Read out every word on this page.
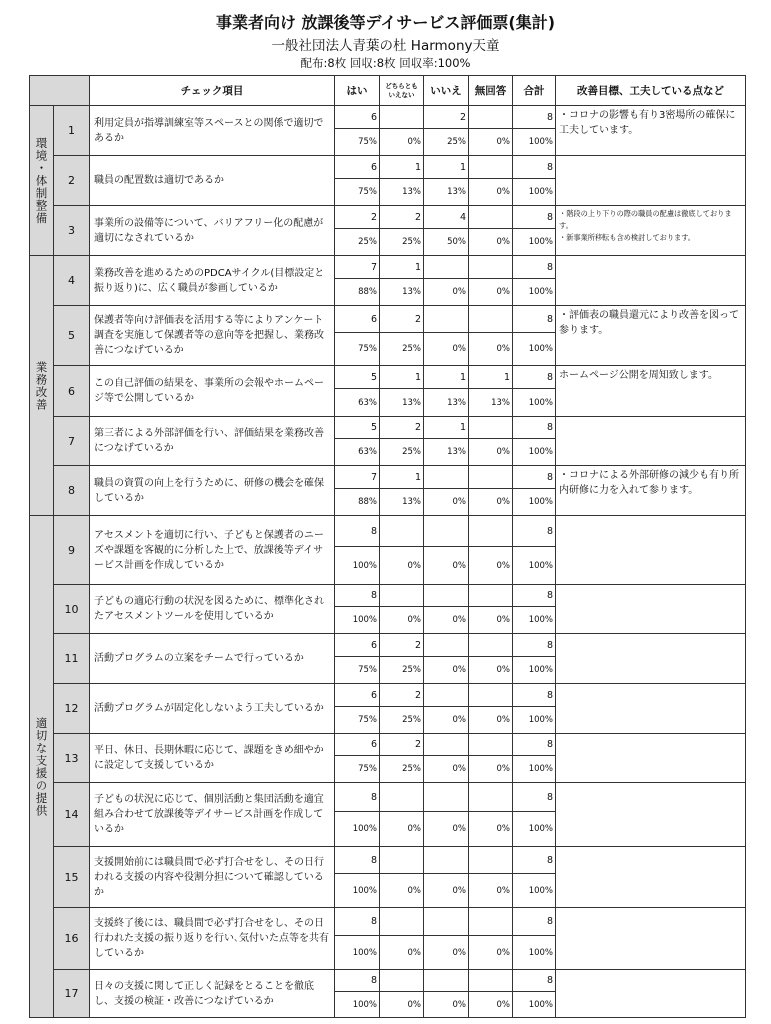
事業者向け 放課後等デイサービス評価票(集計)
一般社団法人青葉の杜 Harmony天童
配布:8枚 回収:8枚 回収率:100%
		チェック項目	はい	どちらとも
いえない	いいえ	無回答	合計	改善目標、工夫している点など
環境・体制整備	1	利用定員が指導訓練室等スペースとの関係で適切であるか	6		2		8	・コロナの影響も有り3密場所の確保に工夫しています。

			75%	0%	25%	0%	100%	
	2	職員の配置数は適切であるか	6	1	1		8	
			75%	13%	13%	0%	100%	
	3	事業所の設備等について、バリアフリー化の配慮が適切になされているか	2	2	4		8	・階段の上り下りの際の職員の配慮は徹底しております。
・新事業所移転も含め検討しております。

			25%	25%	50%	0%	100%	
業務改善	4	業務改善を進めるためのPDCAサイクル(目標設定と振り返り)に、広く職員が参画しているか	7	1			8	
			88%	13%	0%	0%	100%	
	5	保護者等向け評価表を活用する等によりアンケート調査を実施して保護者等の意向等を把握し、業務改善につなげているか	6	2			8	・評価表の職員還元により改善を図って参ります。

			75%	25%	0%	0%	100%	
	6	この自己評価の結果を、事業所の会報やホームページ等で公開しているか	5	1	1	1	8	ホームページ公開を周知致します。

			63%	13%	13%	13%	100%	
	7	第三者による外部評価を行い、評価結果を業務改善につなげているか	5	2	1		8	
			63%	25%	13%	0%	100%	
	8	職員の資質の向上を行うために、研修の機会を確保しているか	7	1			8	・コロナによる外部研修の減少も有り所内研修に力を入れて参ります。

			88%	13%	0%	0%	100%	
適切な支援の提供	9	アセスメントを適切に行い、子どもと保護者のニーズや課題を客観的に分析した上で、放課後等デイサービス計画を作成しているか	8				8	
			100%	0%	0%	0%	100%	
	10	子どもの適応行動の状況を図るために、標準化されたアセスメントツールを使用しているか	8				8	
			100%	0%	0%	0%	100%	
	11	活動プログラムの立案をチームで行っているか	6	2			8	
			75%	25%	0%	0%	100%	
	12	活動プログラムが固定化しないよう工夫しているか	6	2			8	
			75%	25%	0%	0%	100%	
	13	平日、休日、長期休暇に応じて、課題をきめ細やかに設定して支援しているか	6	2			8	
			75%	25%	0%	0%	100%	
	14	子どもの状況に応じて、個別活動と集団活動を適宜組み合わせて放課後等デイサービス計画を作成しているか	8				8	
			100%	0%	0%	0%	100%	
	15	支援開始前には職員間で必ず打合せをし、その日行われる支援の内容や役割分担について確認しているか	8				8	
			100%	0%	0%	0%	100%	
	16	支援終了後には、職員間で必ず打合せをし、その日行われた支援の振り返りを行い､気付いた点等を共有しているか	8				8	
			100%	0%	0%	0%	100%	
	17	日々の支援に関して正しく記録をとることを徹底し、支援の検証・改善につなげているか	8				8	
			100%	0%	0%	0%	100%	
